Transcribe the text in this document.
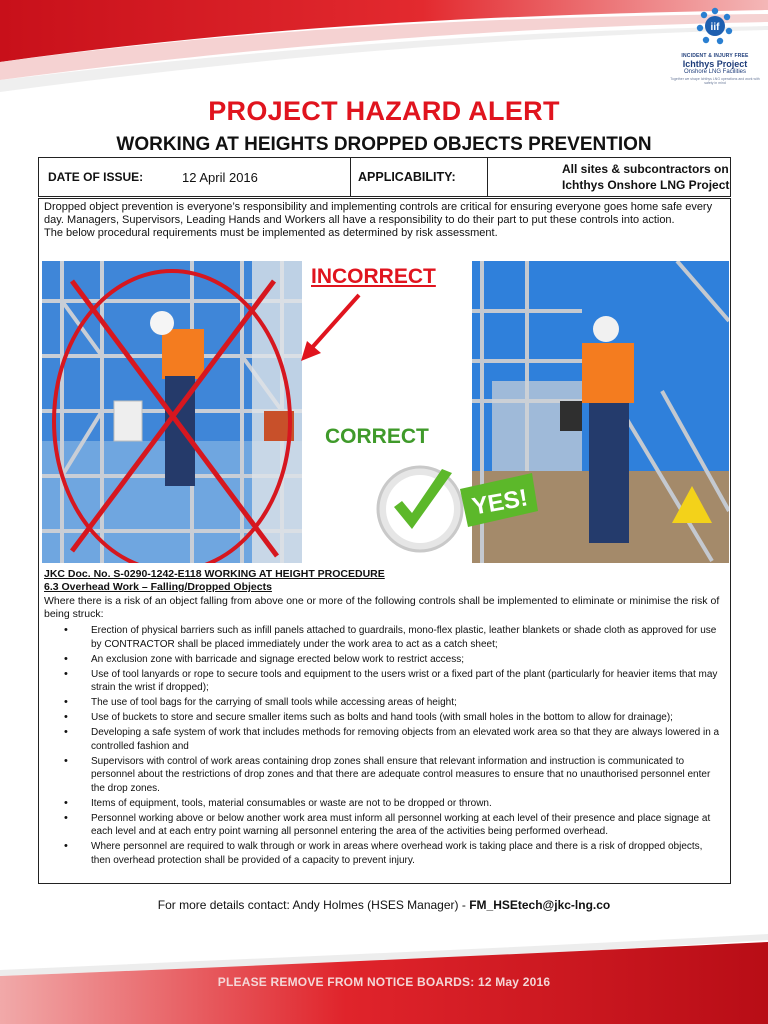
iif
INCIDENT & INJURY FREE
Ichthys Project
Onshore LNG Facilities
Together we shape Ichthys LNG operations and work with safety in mind
PROJECT HAZARD ALERT
WORKING AT HEIGHTS DROPPED OBJECTS PREVENTION
DATE OF ISSUE:	12 April 2016	APPLICABILITY:
All sites & subcontractors on
Ichthys Onshore LNG Project

Dropped object prevention is everyone’s responsibility and implementing controls are critical for ensuring everyone goes home safe every day. Managers, Supervisors, Leading Hands and Workers all have a responsibility to do their part to put these controls into action.

The below procedural requirements must be implemented as determined by risk assessment.

INCORRECT
CORRECT
YES!
JKC Doc. No. S-0290-1242-E118 WORKING AT HEIGHT PROCEDURE
6.3 Overhead Work – Falling/Dropped Objects
Where there is a risk of an object falling from above one or more of the following controls shall be implemented to eliminate or minimise the risk of being struck:
• Erection of physical barriers such as infill panels attached to guardrails, mono-flex plastic, leather blankets or shade cloth as approved for use by CONTRACTOR shall be placed immediately under the work area to act as a catch sheet;
• An exclusion zone with barricade and signage erected below work to restrict access;
• Use of tool lanyards or rope to secure tools and equipment to the users wrist or a fixed part of the plant (particularly for heavier items that may strain the wrist if dropped);
• The use of tool bags for the carrying of small tools while accessing areas of height;
• Use of buckets to store and secure smaller items such as bolts and hand tools (with small holes in the bottom to allow for drainage);
• Developing a safe system of work that includes methods for removing objects from an elevated work area so that they are always lowered in a controlled fashion and
• Supervisors with control of work areas containing drop zones shall ensure that relevant information and instruction is communicated to personnel about the restrictions of drop zones and that there are adequate control measures to ensure that no unauthorised personnel enter the drop zones.
• Items of equipment, tools, material consumables or waste are not to be dropped or thrown.
• Personnel working above or below another work area must inform all personnel working at each level of their presence and place signage at each level and at each entry point warning all personnel entering the area of the activities being performed overhead.
• Where personnel are required to walk through or work in areas where overhead work is taking place and there is a risk of dropped objects, then overhead protection shall be provided of a capacity to prevent injury.
For more details contact: Andy Holmes (HSES Manager) - FM_HSEtech@jkc-lng.co
PLEASE REMOVE FROM NOTICE BOARDS: 12 May 2016
